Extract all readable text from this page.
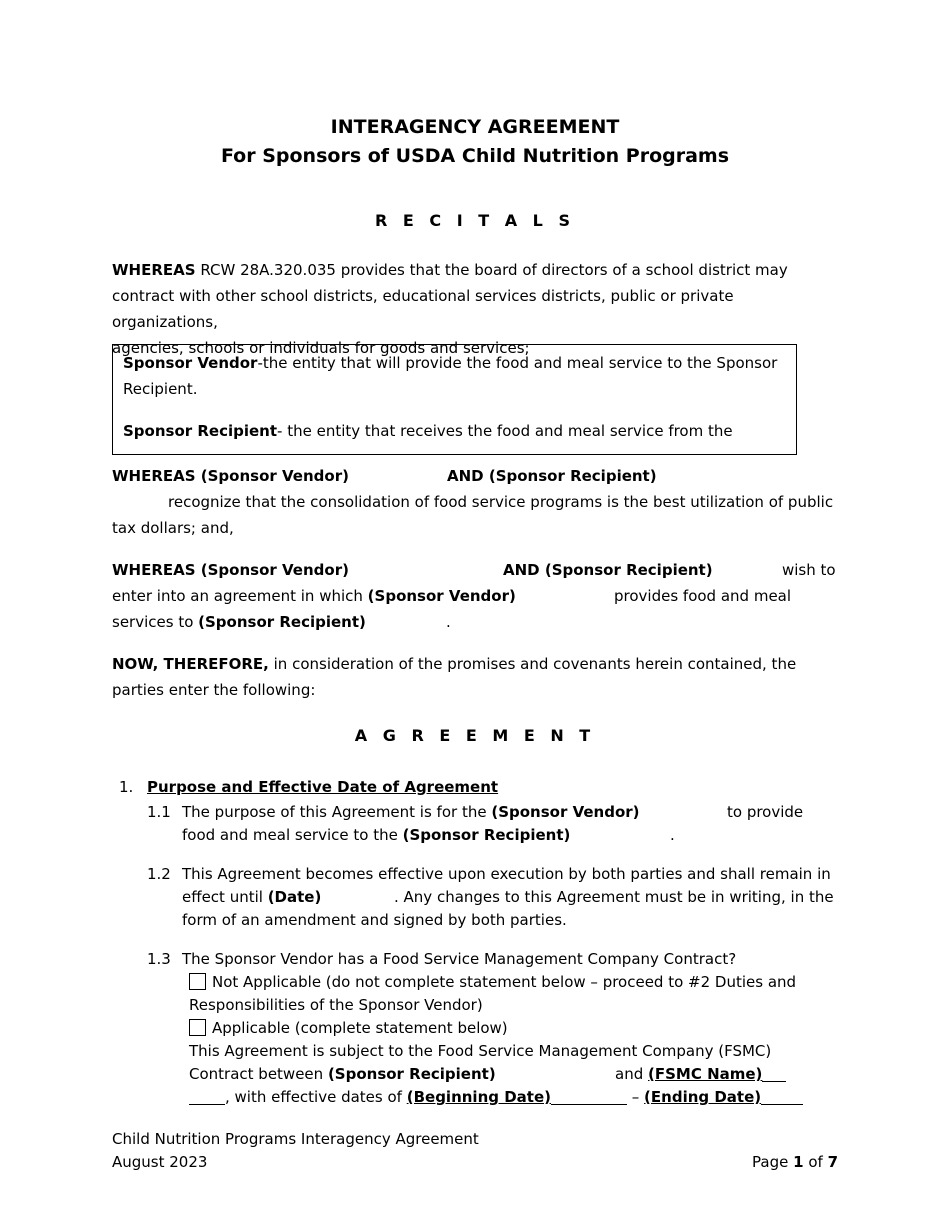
INTERAGENCY AGREEMENT
For Sponsors of USDA Child Nutrition Programs
R E C I T A L S
WHEREAS RCW 28A.320.035 provides that the board of directors of a school district may
contract with other school districts, educational services districts, public or private organizations,
agencies, schools or individuals for goods and services;

Sponsor Vendor-the entity that will provide the food and meal service to the Sponsor
Recipient.

Sponsor Recipient- the entity that receives the food and meal service from the

WHEREAS (Sponsor Vendor)	AND (Sponsor Recipient)
recognize that the consolidation of food service programs is the best utilization of public
tax dollars; and,
WHEREAS (Sponsor Vendor)	AND (Sponsor Recipient)	wish to
enter into an agreement in which (Sponsor Vendor)	provides food and meal
services to (Sponsor Recipient)	.
NOW, THEREFORE, in consideration of the promises and covenants herein contained, the
parties enter the following:
A G R E E M E N T
1. Purpose and Effective Date of Agreement
1.1 The purpose of this Agreement is for the (Sponsor Vendor)	to provide
food and meal service to the (Sponsor Recipient)	.
1.2 This Agreement becomes effective upon execution by both parties and shall remain in
effect until (Date)	. Any changes to this Agreement must be in writing, in the
form of an amendment and signed by both parties.
1.3 The Sponsor Vendor has a Food Service Management Company Contract?
Not Applicable (do not complete statement below – proceed to #2 Duties and
Responsibilities of the Sponsor Vendor)
Applicable (complete statement below)
This Agreement is subject to the Food Service Management Company (FSMC)
Contract between (Sponsor Recipient)	and (FSMC Name)
, with effective dates of (Beginning Date)	– (Ending Date)
Child Nutrition Programs Interagency Agreement
August 2023	Page 1 of 7
